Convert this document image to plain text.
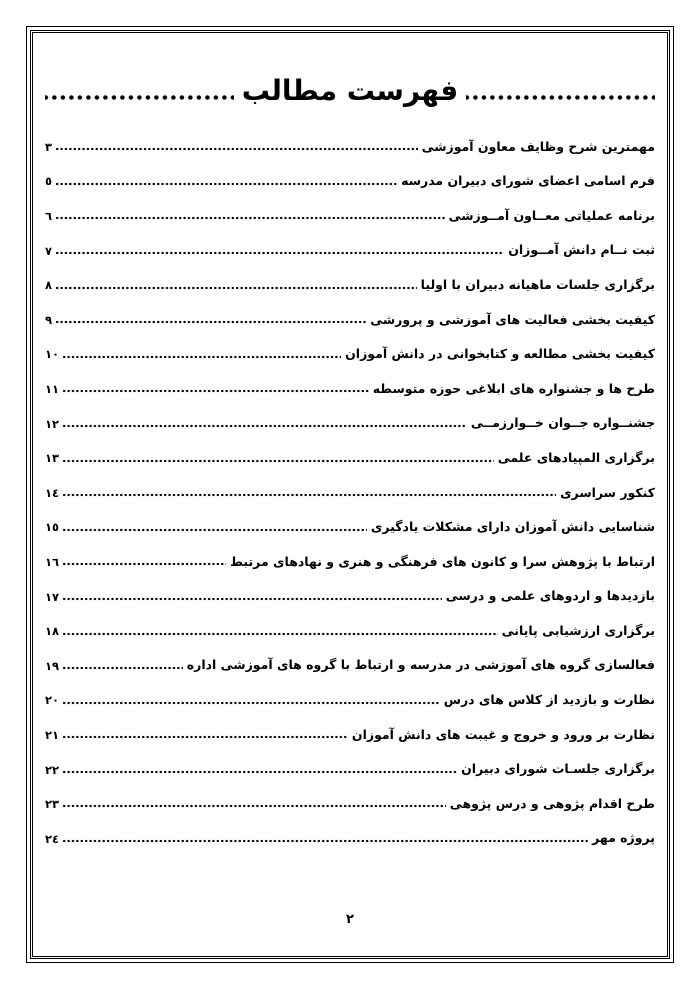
فهرست مطالب
مهمترین شرح وظایف معاون آموزشی
٣
فرم اسامی اعضای شورای دبیران مدرسه
٥
برنامه عملیاتی معــاون آمــوزشی
٦
ثبت نــام دانش آمــوزان
٧
برگزاری جلسات ماهیانه دبیران با اولیا
٨
کیفیت بخشی فعالیت های آموزشی و پرورشی
٩
کیفیت بخشی مطالعه و کتابخوانی در دانش آموزان
١٠
طرح ها و جشنواره های ابلاغی حوزه متوسطه
١١
جشنــواره جــوان خــوارزمــی
١٢
برگزاری المپیادهای علمی
١٣
کنکور سراسری
١٤
شناسایی دانش آموزان دارای مشکلات یادگیری
١٥
ارتباط با پژوهش سرا و کانون های فرهنگی و هنری و نهادهای مرتبط
١٦
بازدیدها و اردوهای علمی و درسی
١٧
برگزاری ارزشیابی پایانی
١٨
فعالسازی گروه های آموزشی در مدرسه و ارتباط با گروه های آموزشی اداره
١٩
نظارت و بازدید از کلاس های درس
٢٠
نظارت بر ورود و خروج و غیبت های دانش آموزان
٢١
برگزاری جلسـات شورای دبیران
٢٢
طرح اقدام پژوهی و درس پژوهی
٢٣
پروژه مهر
٢٤
٢
